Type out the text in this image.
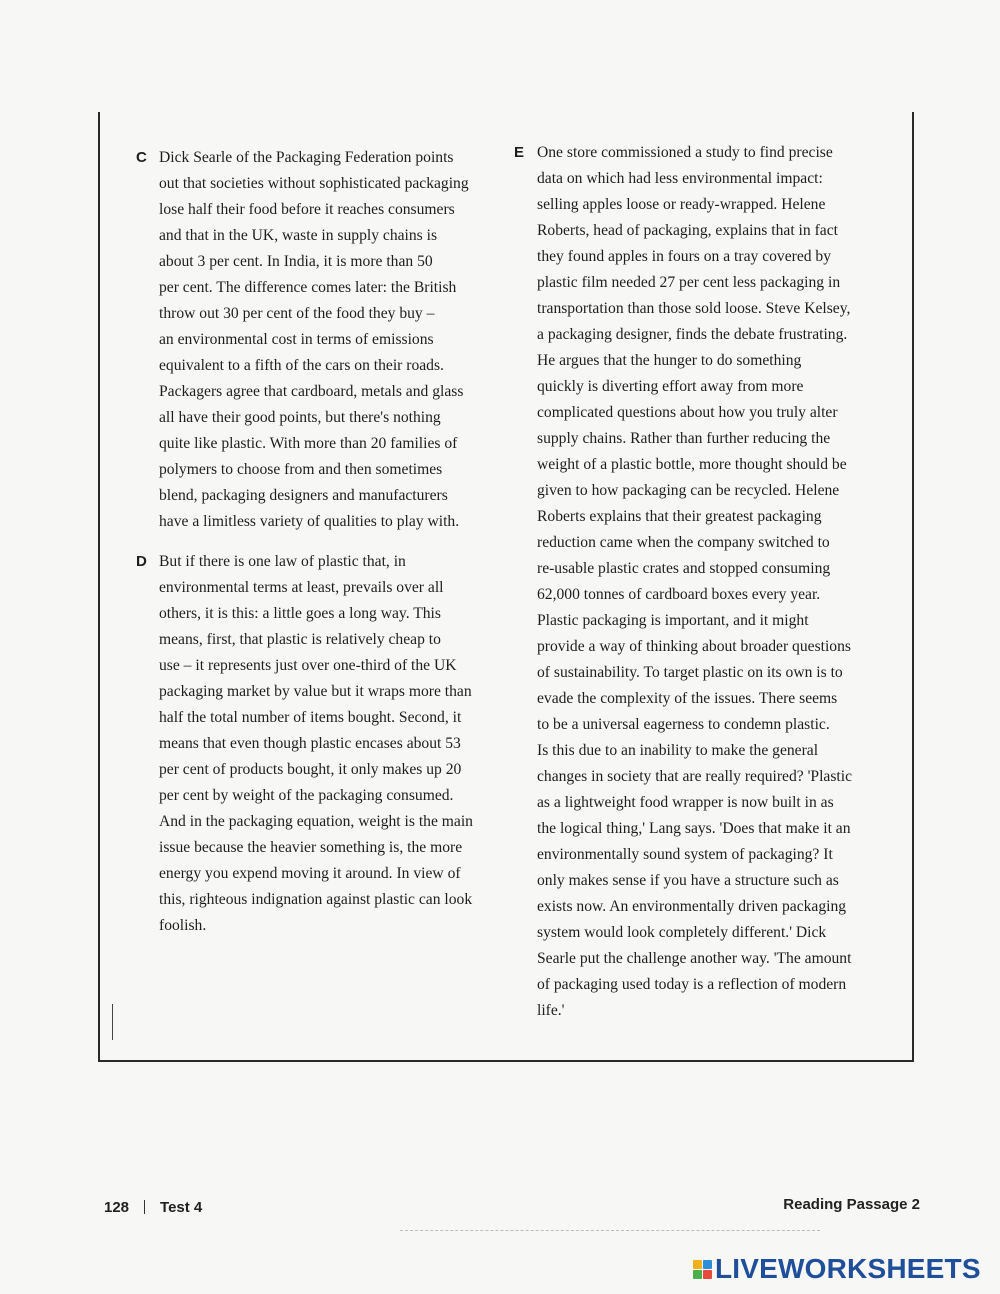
C Dick Searle of the Packaging Federation points
out that societies without sophisticated packaging
lose half their food before it reaches consumers
and that in the UK, waste in supply chains is
about 3 per cent. In India, it is more than 50
per cent. The difference comes later: the British
throw out 30 per cent of the food they buy –
an environmental cost in terms of emissions
equivalent to a fifth of the cars on their roads.
Packagers agree that cardboard, metals and glass
all have their good points, but there's nothing
quite like plastic. With more than 20 families of
polymers to choose from and then sometimes
blend, packaging designers and manufacturers
have a limitless variety of qualities to play with.

D But if there is one law of plastic that, in
environmental terms at least, prevails over all
others, it is this: a little goes a long way. This
means, first, that plastic is relatively cheap to
use – it represents just over one-third of the UK
packaging market by value but it wraps more than
half the total number of items bought. Second, it
means that even though plastic encases about 53
per cent of products bought, it only makes up 20
per cent by weight of the packaging consumed.
And in the packaging equation, weight is the main
issue because the heavier something is, the more
energy you expend moving it around. In view of
this, righteous indignation against plastic can look
foolish.

E One store commissioned a study to find precise
data on which had less environmental impact:
selling apples loose or ready-wrapped. Helene
Roberts, head of packaging, explains that in fact
they found apples in fours on a tray covered by
plastic film needed 27 per cent less packaging in
transportation than those sold loose. Steve Kelsey,
a packaging designer, finds the debate frustrating.
He argues that the hunger to do something
quickly is diverting effort away from more
complicated questions about how you truly alter
supply chains. Rather than further reducing the
weight of a plastic bottle, more thought should be
given to how packaging can be recycled. Helene
Roberts explains that their greatest packaging
reduction came when the company switched to
re-usable plastic crates and stopped consuming
62,000 tonnes of cardboard boxes every year.
Plastic packaging is important, and it might
provide a way of thinking about broader questions
of sustainability. To target plastic on its own is to
evade the complexity of the issues. There seems
to be a universal eagerness to condemn plastic.
Is this due to an inability to make the general
changes in society that are really required? 'Plastic
as a lightweight food wrapper is now built in as
the logical thing,' Lang says. 'Does that make it an
environmentally sound system of packaging? It
only makes sense if you have a structure such as
exists now. An environmentally driven packaging
system would look completely different.' Dick
Searle put the challenge another way. 'The amount
of packaging used today is a reflection of modern
life.'

128 Test 4	Reading Passage 2
LIVEWORKSHEETS
